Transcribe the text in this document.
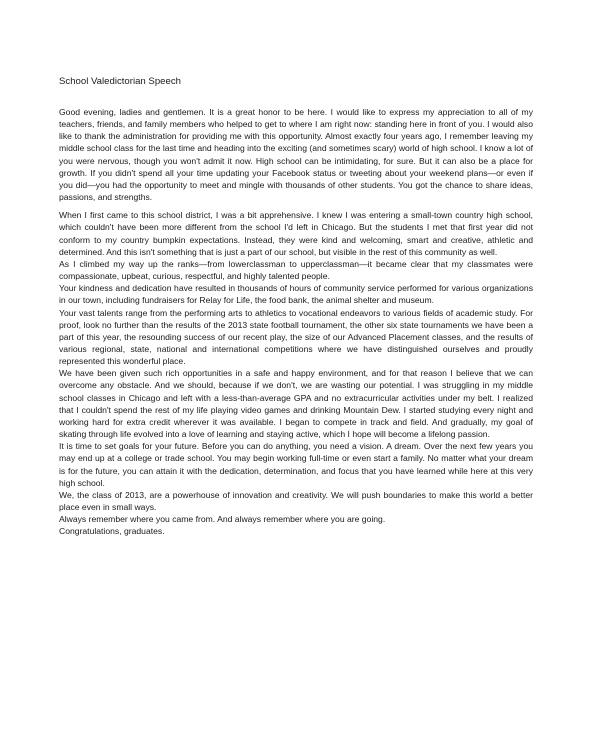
School Valedictorian Speech

Good evening, ladies and gentlemen. It is a great honor to be here. I would like to express my appreciation to all of my teachers, friends, and family members who helped to get to where I am right now: standing here in front of you. I would also like to thank the administration for providing me with this opportunity. Almost exactly four years ago, I remember leaving my middle school class for the last time and heading into the exciting (and sometimes scary) world of high school. I know a lot of you were nervous, though you won't admit it now. High school can be intimidating, for sure. But it can also be a place for growth. If you didn't spend all your time updating your Facebook status or tweeting about your weekend plans—or even if you did—you had the opportunity to meet and mingle with thousands of other students. You got the chance to share ideas, passions, and strengths.

When I first came to this school district, I was a bit apprehensive. I knew I was entering a small-town country high school, which couldn't have been more different from the school I'd left in Chicago. But the students I met that first year did not conform to my country bumpkin expectations. Instead, they were kind and welcoming, smart and creative, athletic and determined. And this isn't something that is just a part of our school, but visible in the rest of this community as well.

As I climbed my way up the ranks—from lowerclassman to upperclassman—it became clear that my classmates were compassionate, upbeat, curious, respectful, and highly talented people.

Your kindness and dedication have resulted in thousands of hours of community service performed for various organizations in our town, including fundraisers for Relay for Life, the food bank, the animal shelter and museum.

Your vast talents range from the performing arts to athletics to vocational endeavors to various fields of academic study. For proof, look no further than the results of the 2013 state football tournament, the other six state tournaments we have been a part of this year, the resounding success of our recent play, the size of our Advanced Placement classes, and the results of various regional, state, national and international competitions where we have distinguished ourselves and proudly represented this wonderful place.

We have been given such rich opportunities in a safe and happy environment, and for that reason I believe that we can overcome any obstacle. And we should, because if we don't, we are wasting our potential. I was struggling in my middle school classes in Chicago and left with a less-than-average GPA and no extracurricular activities under my belt. I realized that I couldn't spend the rest of my life playing video games and drinking Mountain Dew. I started studying every night and working hard for extra credit wherever it was available. I began to compete in track and field. And gradually, my goal of skating through life evolved into a love of learning and staying active, which I hope will become a lifelong passion.

It is time to set goals for your future. Before you can do anything, you need a vision. A dream. Over the next few years you may end up at a college or trade school. You may begin working full-time or even start a family. No matter what your dream is for the future, you can attain it with the dedication, determination, and focus that you have learned while here at this very high school.

We, the class of 2013, are a powerhouse of innovation and creativity. We will push boundaries to make this world a better place even in small ways.

Always remember where you came from. And always remember where you are going.

Congratulations, graduates.
